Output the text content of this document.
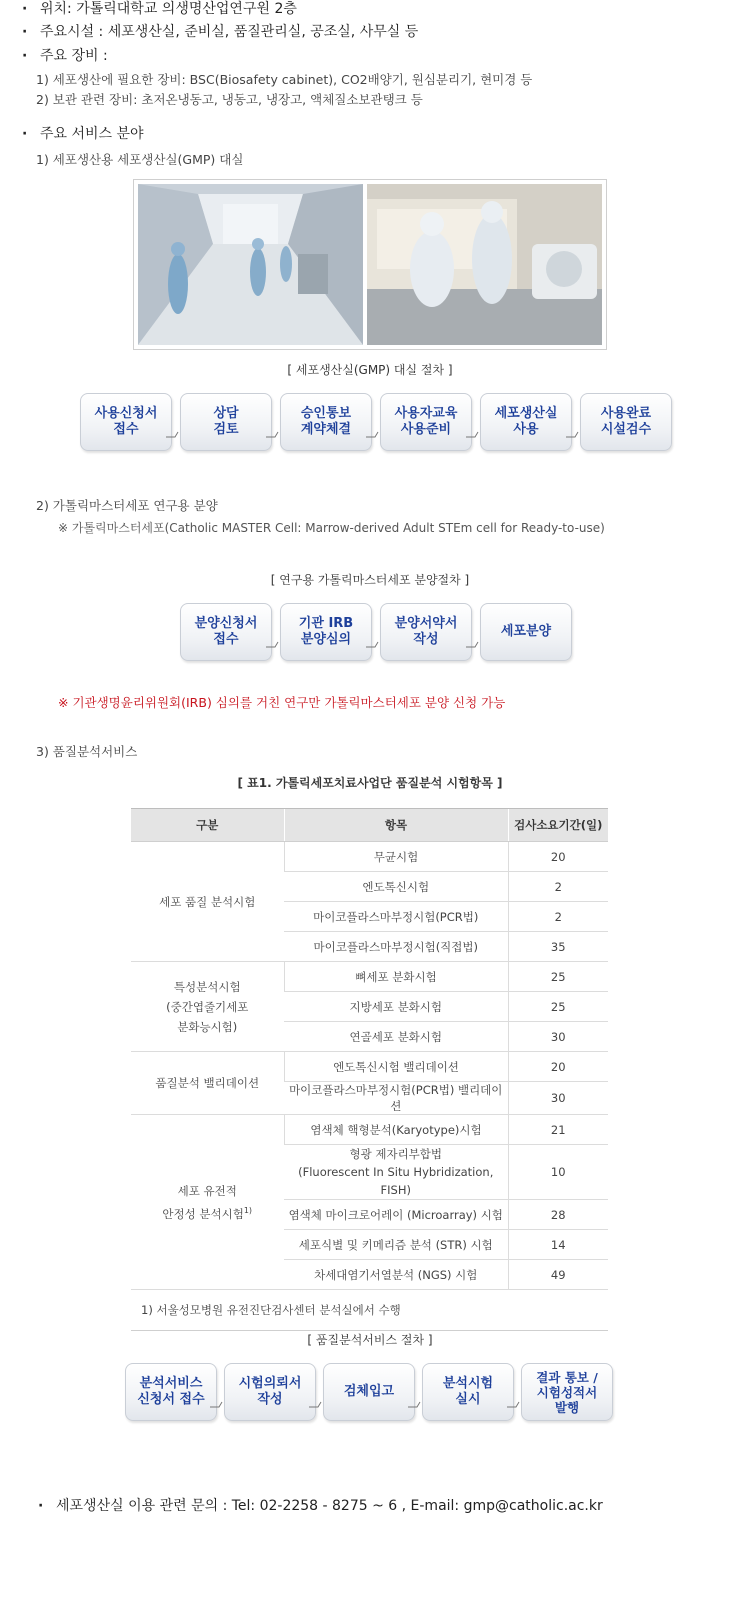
· 위치: 가톨릭대학교 의생명산업연구원 2층
· 주요시설 : 세포생산실, 준비실, 품질관리실, 공조실, 사무실 등
· 주요 장비 :
1) 세포생산에 필요한 장비: BSC(Biosafety cabinet), CO2배양기, 원심분리기, 현미경 등
2) 보관 관련 장비: 초저온냉동고, 냉동고, 냉장고, 액체질소보관탱크 등
· 주요 서비스 분야
1) 세포생산용 세포생산실(GMP) 대실
[ 세포생산실(GMP) 대실 절차 ]
사용신청서
접수
상담
검토
승인통보
계약체결
사용자교육
사용준비
세포생산실
사용
사용완료
시설검수
2) 가톨릭마스터세포 연구용 분양
※ 가톨릭마스터세포(Catholic MASTER Cell: Marrow-derived Adult STEm cell for Ready-to-use)
[ 연구용 가톨릭마스터세포 분양절차 ]
분양신청서
접수
기관 IRB
분양심의
분양서약서
작성
세포분양
※ 기관생명윤리위원회(IRB) 심의를 거친 연구만 가톨릭마스터세포 분양 신청 가능
3) 품질분석서비스
[ 표1. 가톨릭세포치료사업단 품질분석 시험항목 ]
구분	항목	검사소요기간(일)
세포 품질 분석시험	무균시험	20
	엔도톡신시험	2
	마이코플라스마부정시험(PCR법)	2
	마이코플라스마부정시험(직접법)	35
특성분석시험
(중간엽줄기세포
분화능시험)	뼈세포 분화시험	25
	지방세포 분화시험	25
	연골세포 분화시험	30
품질분석 밸리데이션	엔도톡신시험 밸리데이션	20
	마이코플라스마부정시험(PCR법) 밸리데이션	30
세포 유전적
안정성 분석시험$^{1)}$	염색체 핵형분석(Karyotype)시험	21
	형광 제자리부합법
(Fluorescent In Situ Hybridization, FISH)	10
	염색체 마이크로어레이 (Microarray) 시험	28
	세포식별 및 키메리즘 분석 (STR) 시험	14
	차세대염기서열분석 (NGS) 시험	49
1) 서울성모병원 유전진단검사센터 분석실에서 수행		
[ 품질분석서비스 절차 ]
분석서비스
신청서 접수
시험의뢰서
작성
검체입고
분석시험
실시
결과 통보 /
시험성적서
발행
· 세포생산실 이용 관련 문의 : Tel: 02-2258 - 8275 ~ 6 , E-mail: gmp@catholic.ac.kr
